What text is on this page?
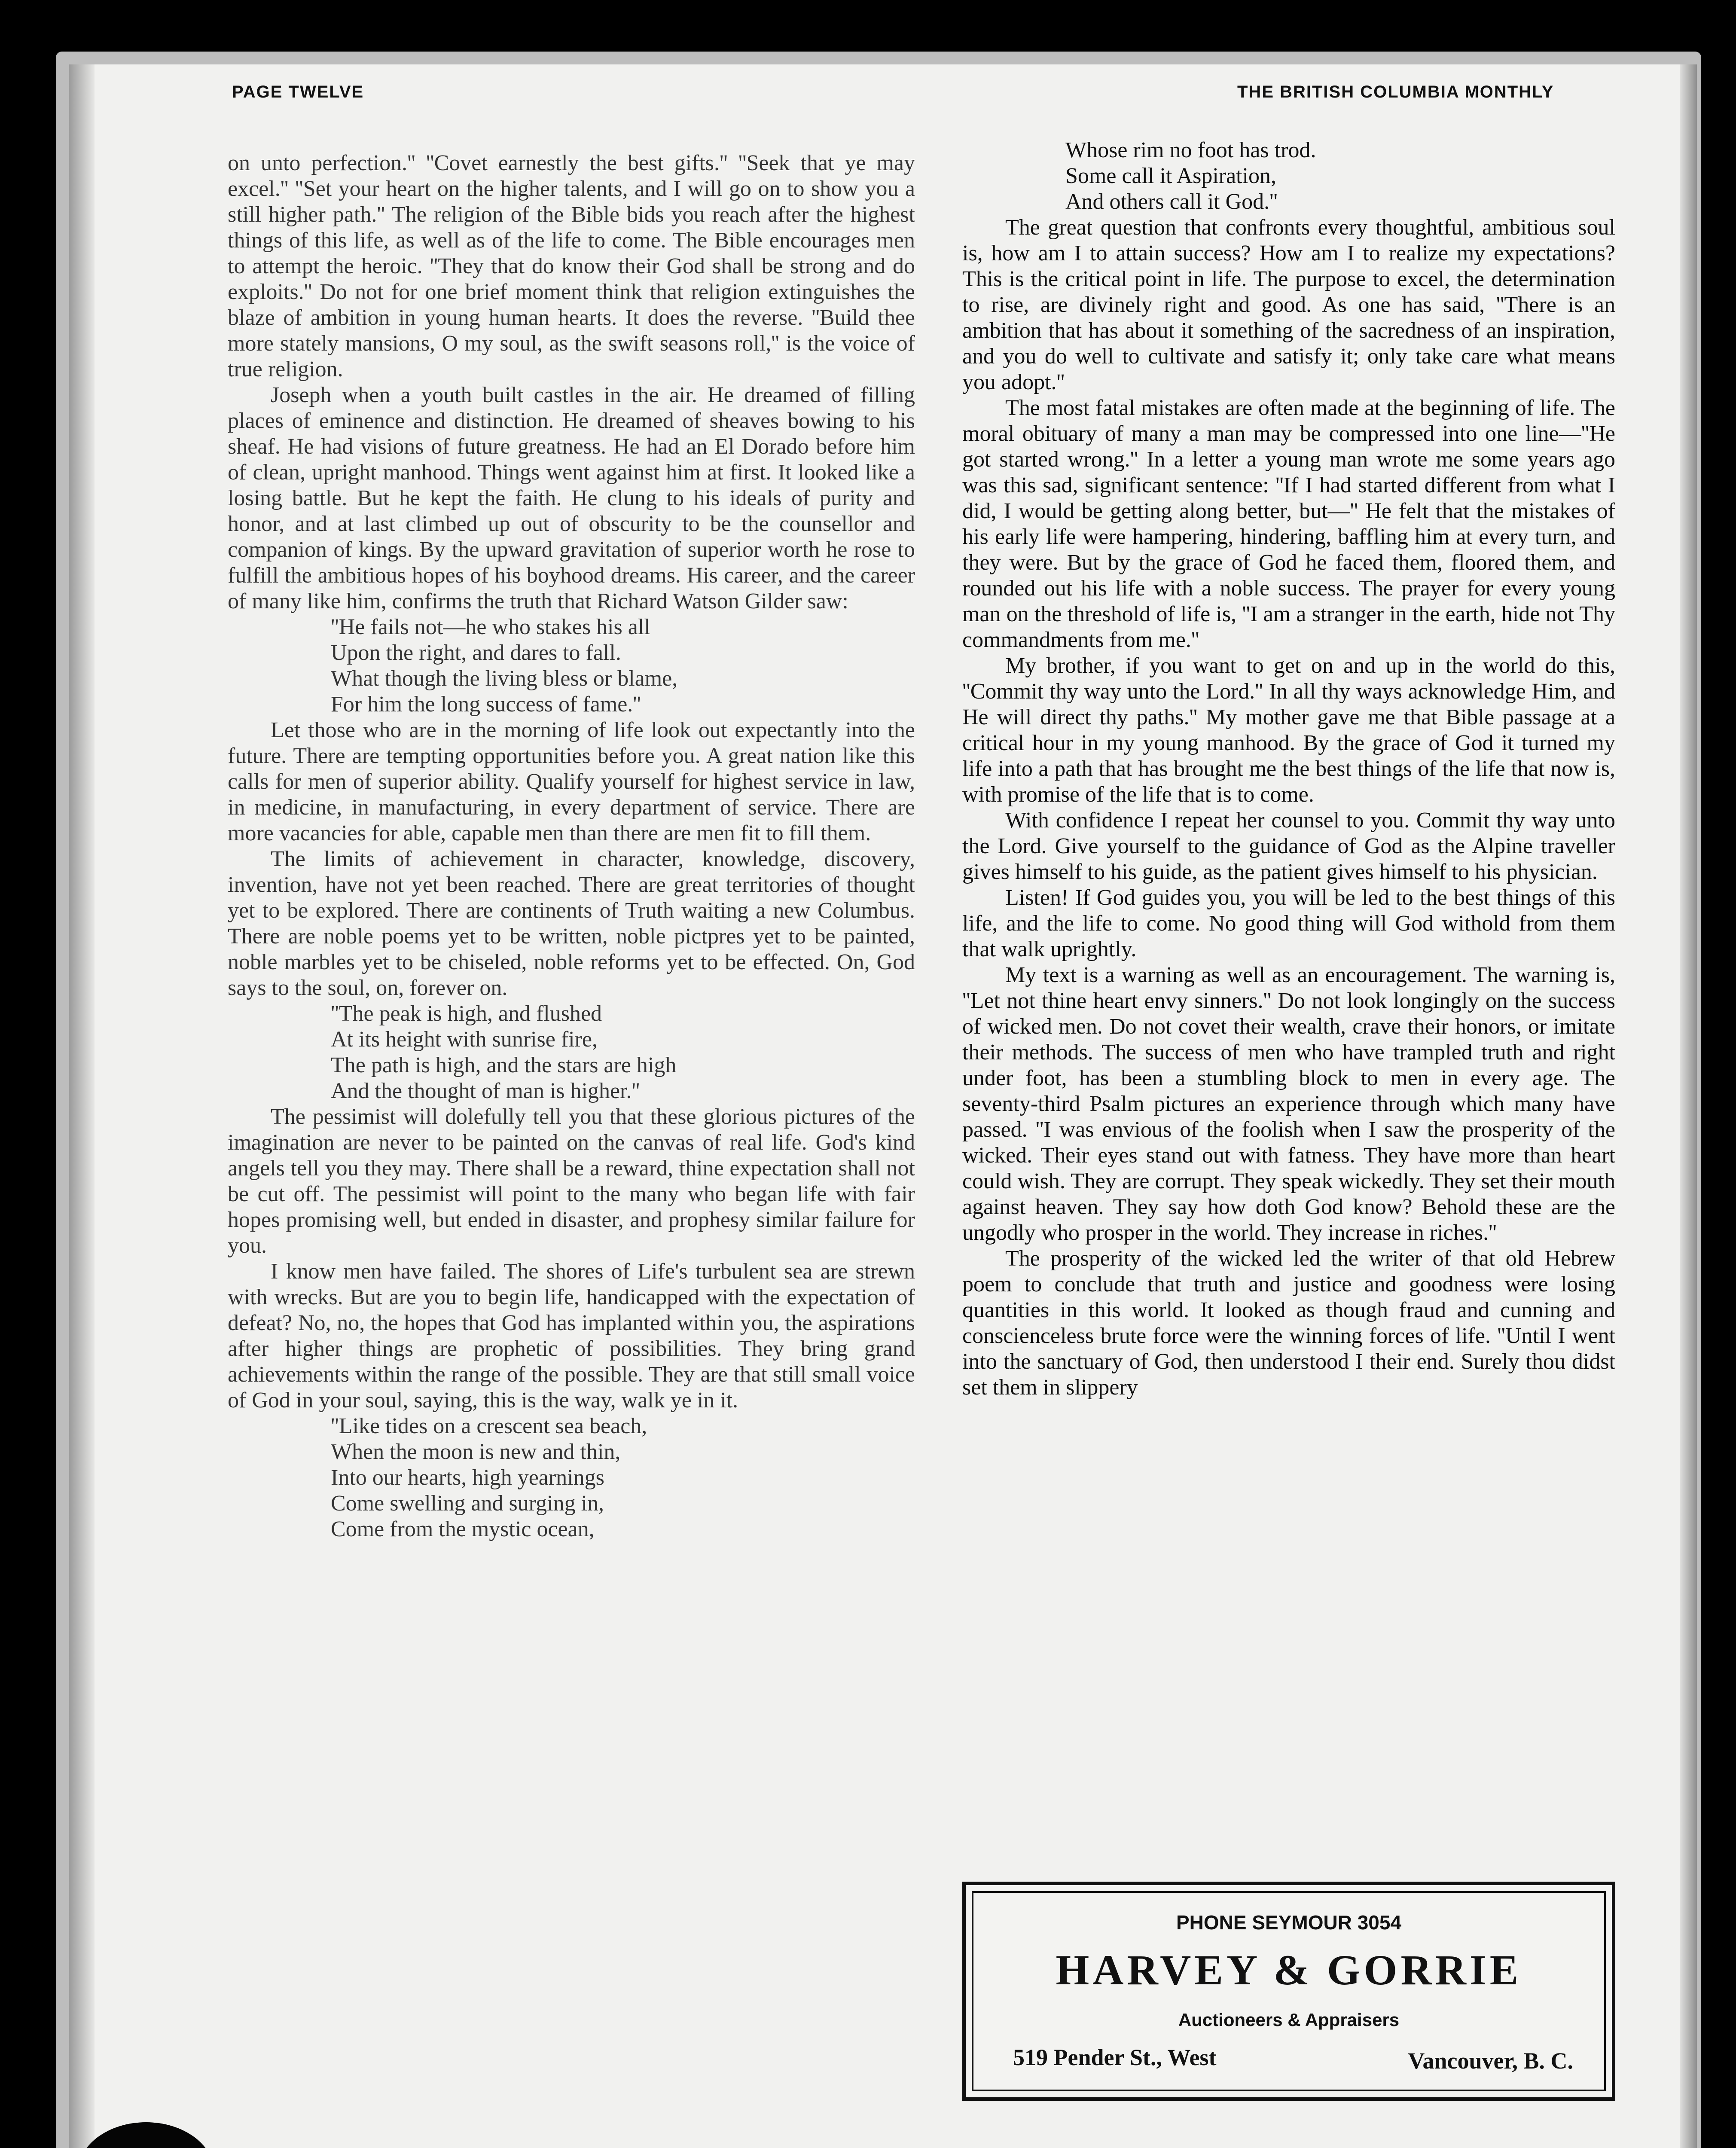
PAGE TWELVE	THE BRITISH COLUMBIA MONTHLY

on unto perfection.'' ''Covet earnestly the best gifts.'' ''Seek that ye may excel.'' ''Set your heart on the higher talents, and I will go on to show you a still higher path.'' The religion of the Bible bids you reach after the highest things of this life, as well as of the life to come. The Bible encourages men to attempt the heroic. ''They that do know their God shall be strong and do exploits.'' Do not for one brief moment think that religion extinguishes the blaze of ambition in young human hearts. It does the reverse. ''Build thee more stately mansions, O my soul, as the swift seasons roll,'' is the voice of true religion.

Joseph when a youth built castles in the air. He dreamed of filling places of eminence and distinction. He dreamed of sheaves bowing to his sheaf. He had visions of future greatness. He had an El Dorado before him of clean, upright manhood. Things went against him at first. It looked like a losing battle. But he kept the faith. He clung to his ideals of purity and honor, and at last climbed up out of obscurity to be the counsellor and companion of kings. By the upward gravitation of superior worth he rose to fulfill the ambitious hopes of his boyhood dreams. His career, and the career of many like him, confirms the truth that Richard Watson Gilder saw:

''He fails not—he who stakes his all
Upon the right, and dares to fall.
What though the living bless or blame,
For him the long success of fame.''

Let those who are in the morning of life look out expectantly into the future. There are tempting opportunities before you. A great nation like this calls for men of superior ability. Qualify yourself for highest service in law, in medicine, in manufacturing, in every department of service. There are more vacancies for able, capable men than there are men fit to fill them.

The limits of achievement in character, knowledge, discovery, invention, have not yet been reached. There are great territories of thought yet to be explored. There are continents of Truth waiting a new Columbus. There are noble poems yet to be written, noble pictpres yet to be painted, noble marbles yet to be chiseled, noble reforms yet to be effected. On, God says to the soul, on, forever on.

''The peak is high, and flushed
At its height with sunrise fire,
The path is high, and the stars are high
And the thought of man is higher.''

The pessimist will dolefully tell you that these glorious pictures of the imagination are never to be painted on the canvas of real life. God's kind angels tell you they may. There shall be a reward, thine expectation shall not be cut off. The pessimist will point to the many who began life with fair hopes promising well, but ended in disaster, and prophesy similar failure for you.

I know men have failed. The shores of Life's turbulent sea are strewn with wrecks. But are you to begin life, handicapped with the expectation of defeat? No, no, the hopes that God has implanted within you, the aspirations after higher things are prophetic of possibilities. They bring grand achievements within the range of the possible. They are that still small voice of God in your soul, saying, this is the way, walk ye in it.

''Like tides on a crescent sea beach,
When the moon is new and thin,
Into our hearts, high yearnings
Come swelling and surging in,
Come from the mystic ocean,
Whose rim no foot has trod.
Some call it Aspiration,
And others call it God.''

The great question that confronts every thoughtful, ambitious soul is, how am I to attain success? How am I to realize my expectations? This is the critical point in life. The purpose to excel, the determination to rise, are divinely right and good. As one has said, ''There is an ambition that has about it something of the sacredness of an inspiration, and you do well to cultivate and satisfy it; only take care what means you adopt.''

The most fatal mistakes are often made at the beginning of life. The moral obituary of many a man may be compressed into one line—''He got started wrong.'' In a letter a young man wrote me some years ago was this sad, significant sentence: ''If I had started different from what I did, I would be getting along better, but—'' He felt that the mistakes of his early life were hampering, hindering, baffling him at every turn, and they were. But by the grace of God he faced them, floored them, and rounded out his life with a noble success. The prayer for every young man on the threshold of life is, ''I am a stranger in the earth, hide not Thy commandments from me.''

My brother, if you want to get on and up in the world do this, ''Commit thy way unto the Lord.'' In all thy ways acknowledge Him, and He will direct thy paths.'' My mother gave me that Bible passage at a critical hour in my young manhood. By the grace of God it turned my life into a path that has brought me the best things of the life that now is, with promise of the life that is to come.

With confidence I repeat her counsel to you. Commit thy way unto the Lord. Give yourself to the guidance of God as the Alpine traveller gives himself to his guide, as the patient gives himself to his physician.

Listen! If God guides you, you will be led to the best things of this life, and the life to come. No good thing will God withold from them that walk uprightly.

My text is a warning as well as an encouragement. The warning is, ''Let not thine heart envy sinners.'' Do not look longingly on the success of wicked men. Do not covet their wealth, crave their honors, or imitate their methods. The success of men who have trampled truth and right under foot, has been a stumbling block to men in every age. The seventy-third Psalm pictures an experience through which many have passed. ''I was envious of the foolish when I saw the prosperity of the wicked. Their eyes stand out with fatness. They have more than heart could wish. They are corrupt. They speak wickedly. They set their mouth against heaven. They say how doth God know? Behold these are the ungodly who prosper in the world. They increase in riches.''

The prosperity of the wicked led the writer of that old Hebrew poem to conclude that truth and justice and goodness were losing quantities in this world. It looked as though fraud and cunning and conscienceless brute force were the winning forces of life. ''Until I went into the sanctuary of God, then understood I their end. Surely thou didst set them in slippery

PHONE SEYMOUR 3054
HARVEY & GORRIE
Auctioneers & Appraisers
519 Pender St., West	Vancouver, B. C.
